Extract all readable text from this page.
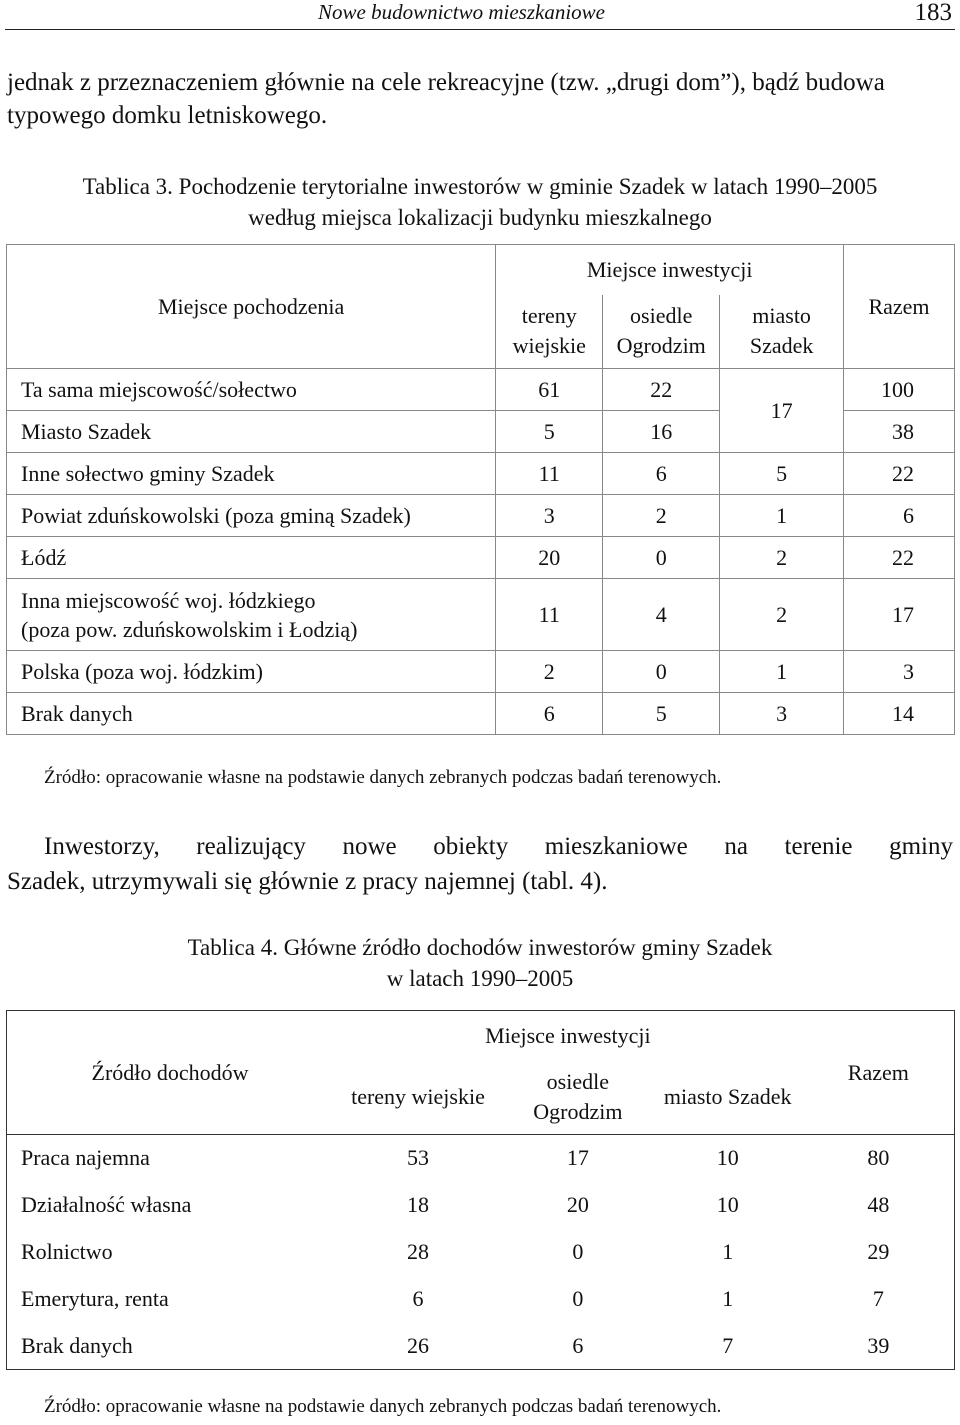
Nowe budownictwo mieszkaniowe	183
jednak z przeznaczeniem głównie na cele rekreacyjne (tzw. „drugi dom”), bądź budowa typowego domku letniskowego.
Tablica 3. Pochodzenie terytorialne inwestorów w gminie Szadek w latach 1990–2005
według miejsca lokalizacji budynku mieszkalnego
Miejsce pochodzenia	Miejsce inwestycji			Razem
	tereny wiejskie	osiedle Ogrodzim	miasto Szadek	
Ta sama miejscowość/sołectwo	61	22	17	100
Miasto Szadek	5	16		38
Inne sołectwo gminy Szadek	11	6	5	22
Powiat zduńskowolski (poza gminą Szadek)	3	2	1	6
Łódź	20	0	2	22

Inna miejscowość woj. łódzkiego
(poza pow. zduńskowolskim i Łodzią)	11	4	2	17
Polska (poza woj. łódzkim)	2	0	1	3
Brak danych	6	5	3	14
Źródło: opracowanie własne na podstawie danych zebranych podczas badań terenowych.
Inwestorzy, realizujący nowe obiekty mieszkaniowe na terenie gminy
Szadek, utrzymywali się głównie z pracy najemnej (tabl. 4).
Tablica 4. Główne źródło dochodów inwestorów gminy Szadek
w latach 1990–2005
Źródło dochodów	Miejsce inwestycji			Razem
	tereny wiejskie	osiedle Ogrodzim	miasto Szadek	
Praca najemna	53	17	10	80
Działalność własna	18	20	10	48
Rolnictwo	28	0	1	29
Emerytura, renta	6	0	1	7
Brak danych	26	6	7	39
Źródło: opracowanie własne na podstawie danych zebranych podczas badań terenowych.
